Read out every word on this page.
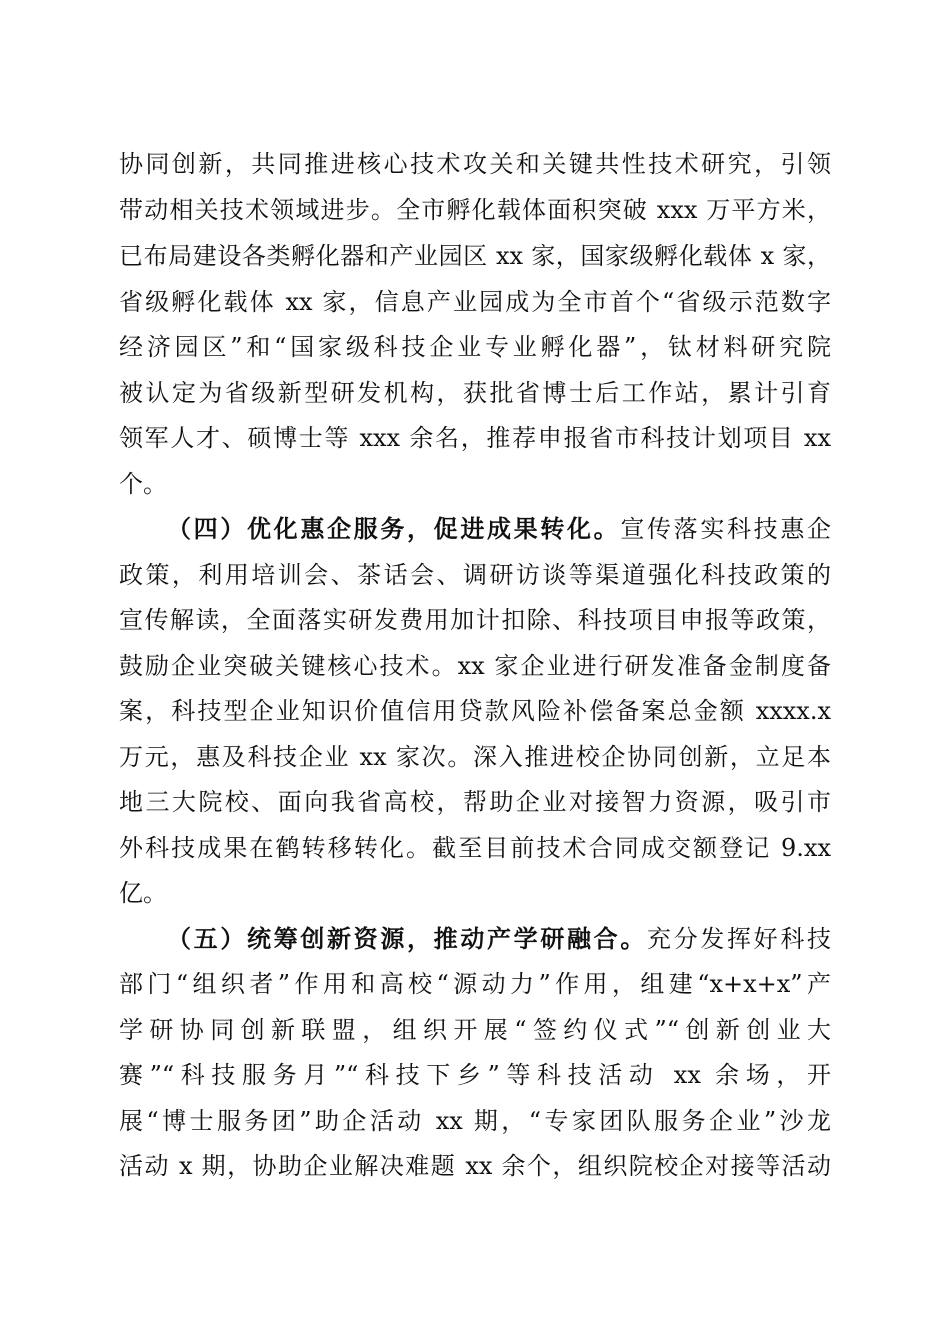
协同创新，共同推进核心技术攻关和关键共性技术研究，引领
带动相关技术领域进步。全市孵化载体面积突破 xxx 万平方米，
已布局建设各类孵化器和产业园区 xx 家，国家级孵化载体 x 家，
省级孵化载体 xx 家，信息产业园成为全市首个“省级示范数字
经济园区”和“国家级科技企业专业孵化器”，钛材料研究院
被认定为省级新型研发机构，获批省博士后工作站，累计引育
领军人才、硕博士等 xxx 余名，推荐申报省市科技计划项目 xx
个。
（四）优化惠企服务，促进成果转化。宣传落实科技惠企
政策，利用培训会、茶话会、调研访谈等渠道强化科技政策的
宣传解读，全面落实研发费用加计扣除、科技项目申报等政策，
鼓励企业突破关键核心技术。xx 家企业进行研发准备金制度备
案，科技型企业知识价值信用贷款风险补偿备案总金额 xxxx.x
万元，惠及科技企业 xx 家次。深入推进校企协同创新，立足本
地三大院校、面向我省高校，帮助企业对接智力资源，吸引市
外科技成果在鹤转移转化。截至目前技术合同成交额登记 9.xx
亿。
（五）统筹创新资源，推动产学研融合。充分发挥好科技
部门“组织者”作用和高校“源动力”作用，组建“x+x+x”产
学研协同创新联盟，组织开展“签约仪式”“创新创业大
赛”“科技服务月”“科技下乡”等科技活动 xx 余场，开
展“博士服务团”助企活动 xx 期，“专家团队服务企业”沙龙
活动 x 期，协助企业解决难题 xx 余个，组织院校企对接等活动
